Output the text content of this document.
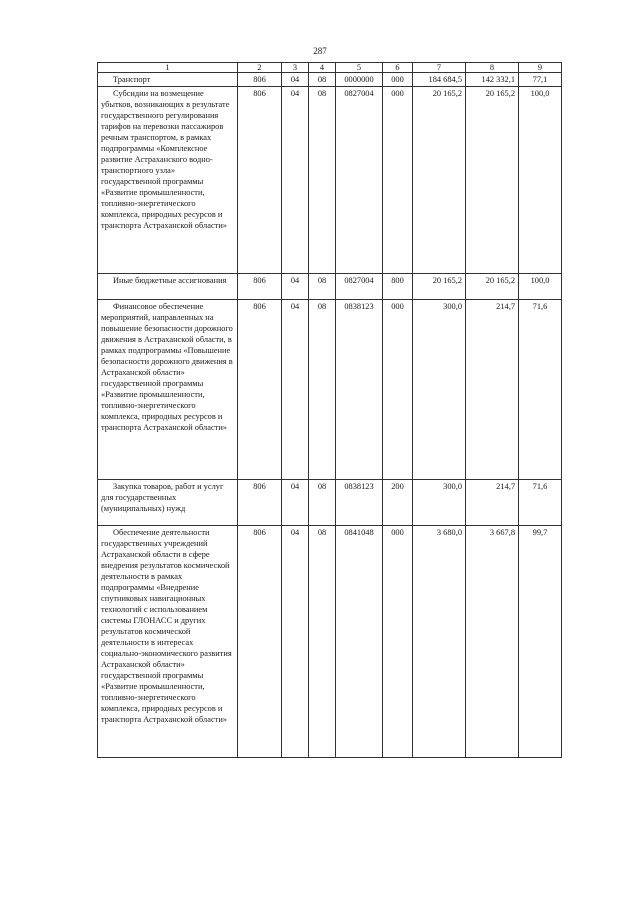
287
1	2	3	4	5	6	7	8	9
Транспорт	806	04	08	0000000	000	184 684,5	142 332,1	77,1
Субсидии на возмещение убытков, возникающих в результате государственного регулирования тарифов на перевозки пассажиров речным транспортом, в рамках подпрограммы «Комплексное развитие Астраханского водно-транспортного узла» государственной программы «Развитие промышленности, топливно-энергетического комплекса, природных ресурсов и транспорта Астраханской области»	806	04	08	0827004	000	20 165,2	20 165,2	100,0
Иные бюджетные ассигнования	806	04	08	0827004	800	20 165,2	20 165,2	100,0
Финансовое обеспечение мероприятий, направленных на повышение безопасности дорожного движения в Астраханской области, в рамках подпрограммы «Повышение безопасности дорожного движения в Астраханской области» государственной программы «Развитие промышленности, топливно-энергетического комплекса, природных ресурсов и транспорта Астраханской области»	806	04	08	0838123	000	300,0	214,7	71,6
Закупка товаров, работ и услуг для государственных (муниципальных) нужд	806	04	08	0838123	200	300,0	214,7	71,6
Обеспечение деятельности государственных учреждений Астраханской области в сфере внедрения результатов космической деятельности в рамках подпрограммы «Внедрение спутниковых навигационных технологий с использованием системы ГЛОНАСС и других результатов космической деятельности в интересах социально-экономического развития Астраханской области» государственной программы «Развитие промышленности, топливно-энергетического комплекса, природных ресурсов и транспорта Астраханской области»	806	04	08	0841048	000	3 680,0	3 667,8	99,7
